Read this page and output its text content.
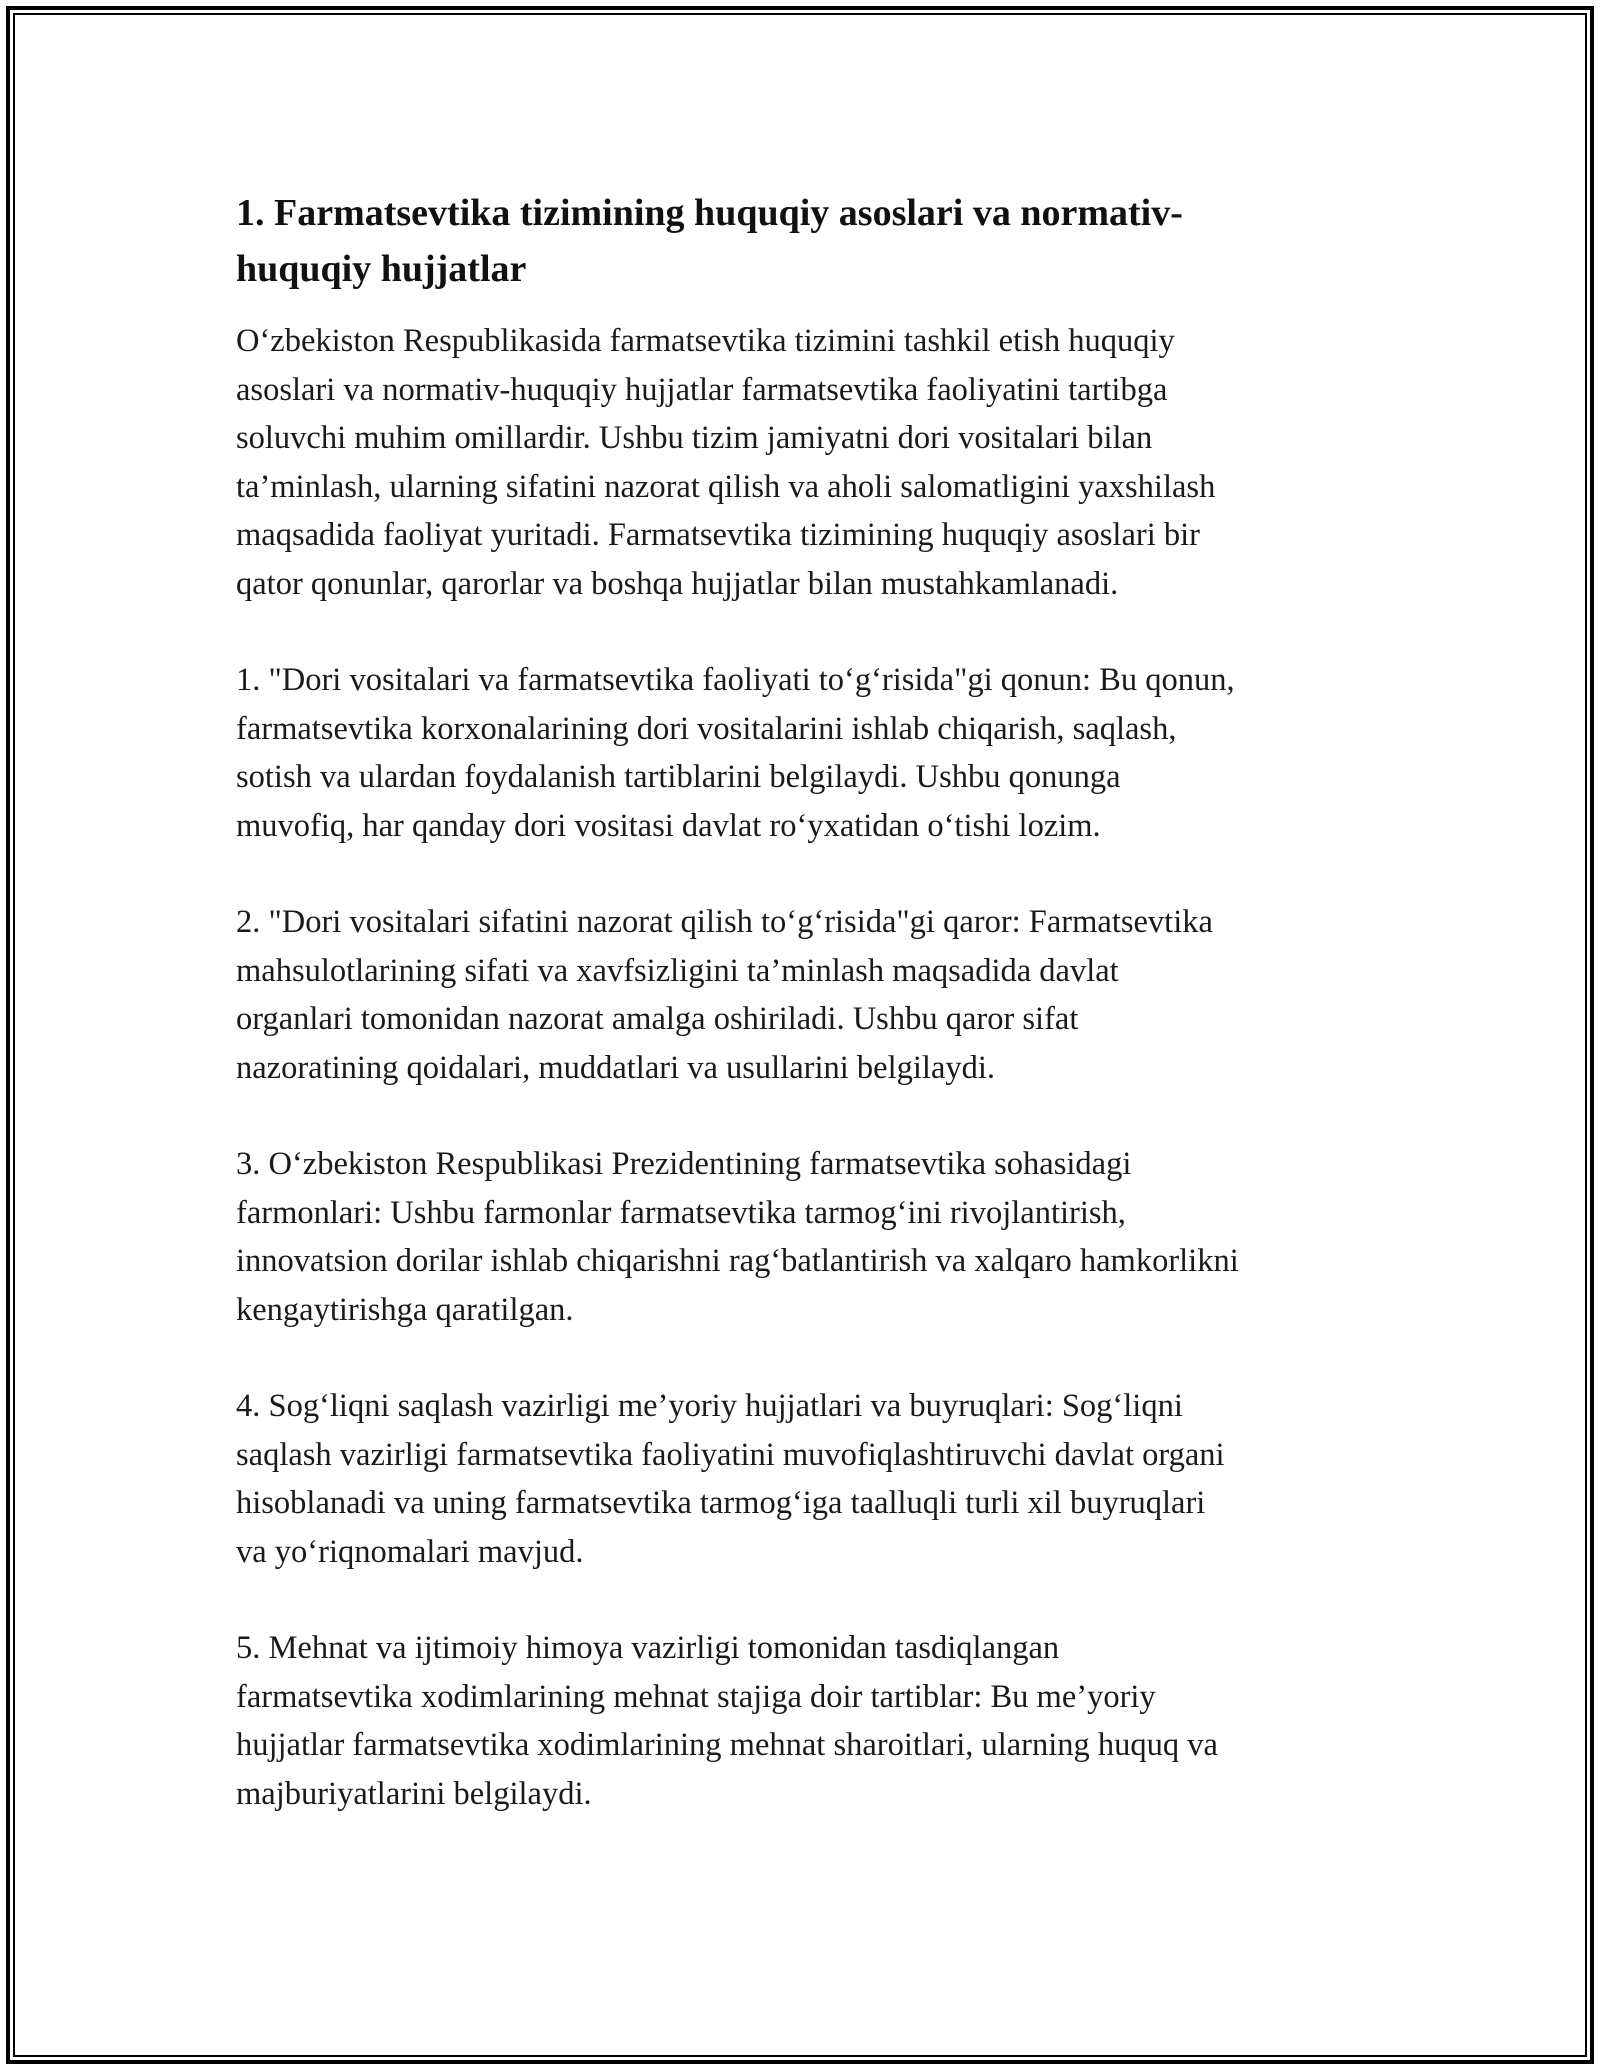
1. Farmatsevtika tizimining huquqiy asoslari va normativ-
huquqiy hujjatlar

O‘zbekiston Respublikasida farmatsevtika tizimini tashkil etish huquqiy
asoslari va normativ-huquqiy hujjatlar farmatsevtika faoliyatini tartibga
soluvchi muhim omillardir. Ushbu tizim jamiyatni dori vositalari bilan
ta’minlash, ularning sifatini nazorat qilish va aholi salomatligini yaxshilash
maqsadida faoliyat yuritadi. Farmatsevtika tizimining huquqiy asoslari bir
qator qonunlar, qarorlar va boshqa hujjatlar bilan mustahkamlanadi.

1. "Dori vositalari va farmatsevtika faoliyati to‘g‘risida"gi qonun: Bu qonun,
farmatsevtika korxonalarining dori vositalarini ishlab chiqarish, saqlash,
sotish va ulardan foydalanish tartiblarini belgilaydi. Ushbu qonunga
muvofiq, har qanday dori vositasi davlat ro‘yxatidan o‘tishi lozim.

2. "Dori vositalari sifatini nazorat qilish to‘g‘risida"gi qaror: Farmatsevtika
mahsulotlarining sifati va xavfsizligini ta’minlash maqsadida davlat
organlari tomonidan nazorat amalga oshiriladi. Ushbu qaror sifat
nazoratining qoidalari, muddatlari va usullarini belgilaydi.

3. O‘zbekiston Respublikasi Prezidentining farmatsevtika sohasidagi
farmonlari: Ushbu farmonlar farmatsevtika tarmog‘ini rivojlantirish,
innovatsion dorilar ishlab chiqarishni rag‘batlantirish va xalqaro hamkorlikni
kengaytirishga qaratilgan.

4. Sog‘liqni saqlash vazirligi me’yoriy hujjatlari va buyruqlari: Sog‘liqni
saqlash vazirligi farmatsevtika faoliyatini muvofiqlashtiruvchi davlat organi
hisoblanadi va uning farmatsevtika tarmog‘iga taalluqli turli xil buyruqlari
va yo‘riqnomalari mavjud.

5. Mehnat va ijtimoiy himoya vazirligi tomonidan tasdiqlangan
farmatsevtika xodimlarining mehnat stajiga doir tartiblar: Bu me’yoriy
hujjatlar farmatsevtika xodimlarining mehnat sharoitlari, ularning huquq va
majburiyatlarini belgilaydi.
